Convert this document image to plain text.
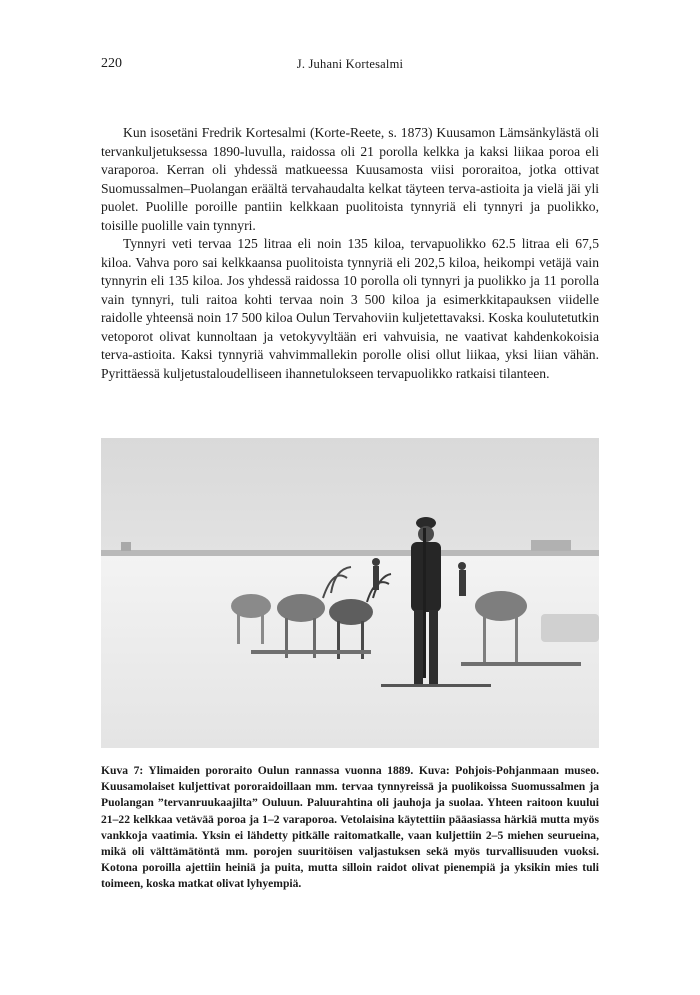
220	J. Juhani Kortesalmi

Kun isosetäni Fredrik Kortesalmi (Korte-Reete, s. 1873) Kuusamon Lämsänkylästä oli tervankuljetuksessa 1890-luvulla, raidossa oli 21 porolla kelkka ja kaksi liikaa poroa eli varaporoa. Kerran oli yhdessä matkueessa Kuusamosta viisi pororaitoa, jotka ottivat Suomussalmen–Puolangan eräältä tervahaudalta kelkat täyteen terva-astioita ja vielä jäi yli puolet. Puolille poroille pantiin kelkkaan puolitoista tynnyriä eli tynnyri ja puolikko, toisille puolille vain tynnyri.

Tynnyri veti tervaa 125 litraa eli noin 135 kiloa, tervapuolikko 62.5 litraa eli 67,5 kiloa. Vahva poro sai kelkkaansa puolitoista tynnyriä eli 202,5 kiloa, heikompi vetäjä vain tynnyrin eli 135 kiloa. Jos yhdessä raidossa 10 porolla oli tynnyri ja puolikko ja 11 porolla vain tynnyri, tuli raitoa kohti tervaa noin 3 500 kiloa ja esimerkkitapauksen viidelle raidolle yhteensä noin 17 500 kiloa Oulun Tervahoviin kuljetettavaksi. Koska koulutetutkin vetoporot olivat kunnoltaan ja vetokyvyltään eri vahvuisia, ne vaativat kahdenkokoisia terva-astioita. Kaksi tynnyriä vahvimmallekin porolle olisi ollut liikaa, yksi liian vähän. Pyrittäessä kuljetustaloudelliseen ihannetulokseen tervapuolikko ratkaisi tilanteen.

Kuva 7: Ylimaiden pororaito Oulun rannassa vuonna 1889. Kuva: Pohjois-Pohjanmaan museo. Kuusamolaiset kuljettivat pororaidoillaan mm. tervaa tynnyreissä ja puolikoissa Suomussalmen ja Puolangan ”tervanruukaajilta” Ouluun. Paluurahtina oli jauhoja ja suolaa. Yhteen raitoon kuului 21–22 kelkkaa vetävää poroa ja 1–2 varaporoa. Vetolaisina käytettiin pääasiassa härkiä mutta myös vankkoja vaatimia. Yksin ei lähdetty pitkälle raitomatkalle, vaan kuljettiin 2–5 miehen seurueina, mikä oli välttämätöntä mm. porojen suuritöisen valjastuksen sekä myös turvallisuuden vuoksi. Kotona poroilla ajettiin heiniä ja puita, mutta silloin raidot olivat pienempiä ja yksikin mies tuli toimeen, koska matkat olivat lyhyempiä.
